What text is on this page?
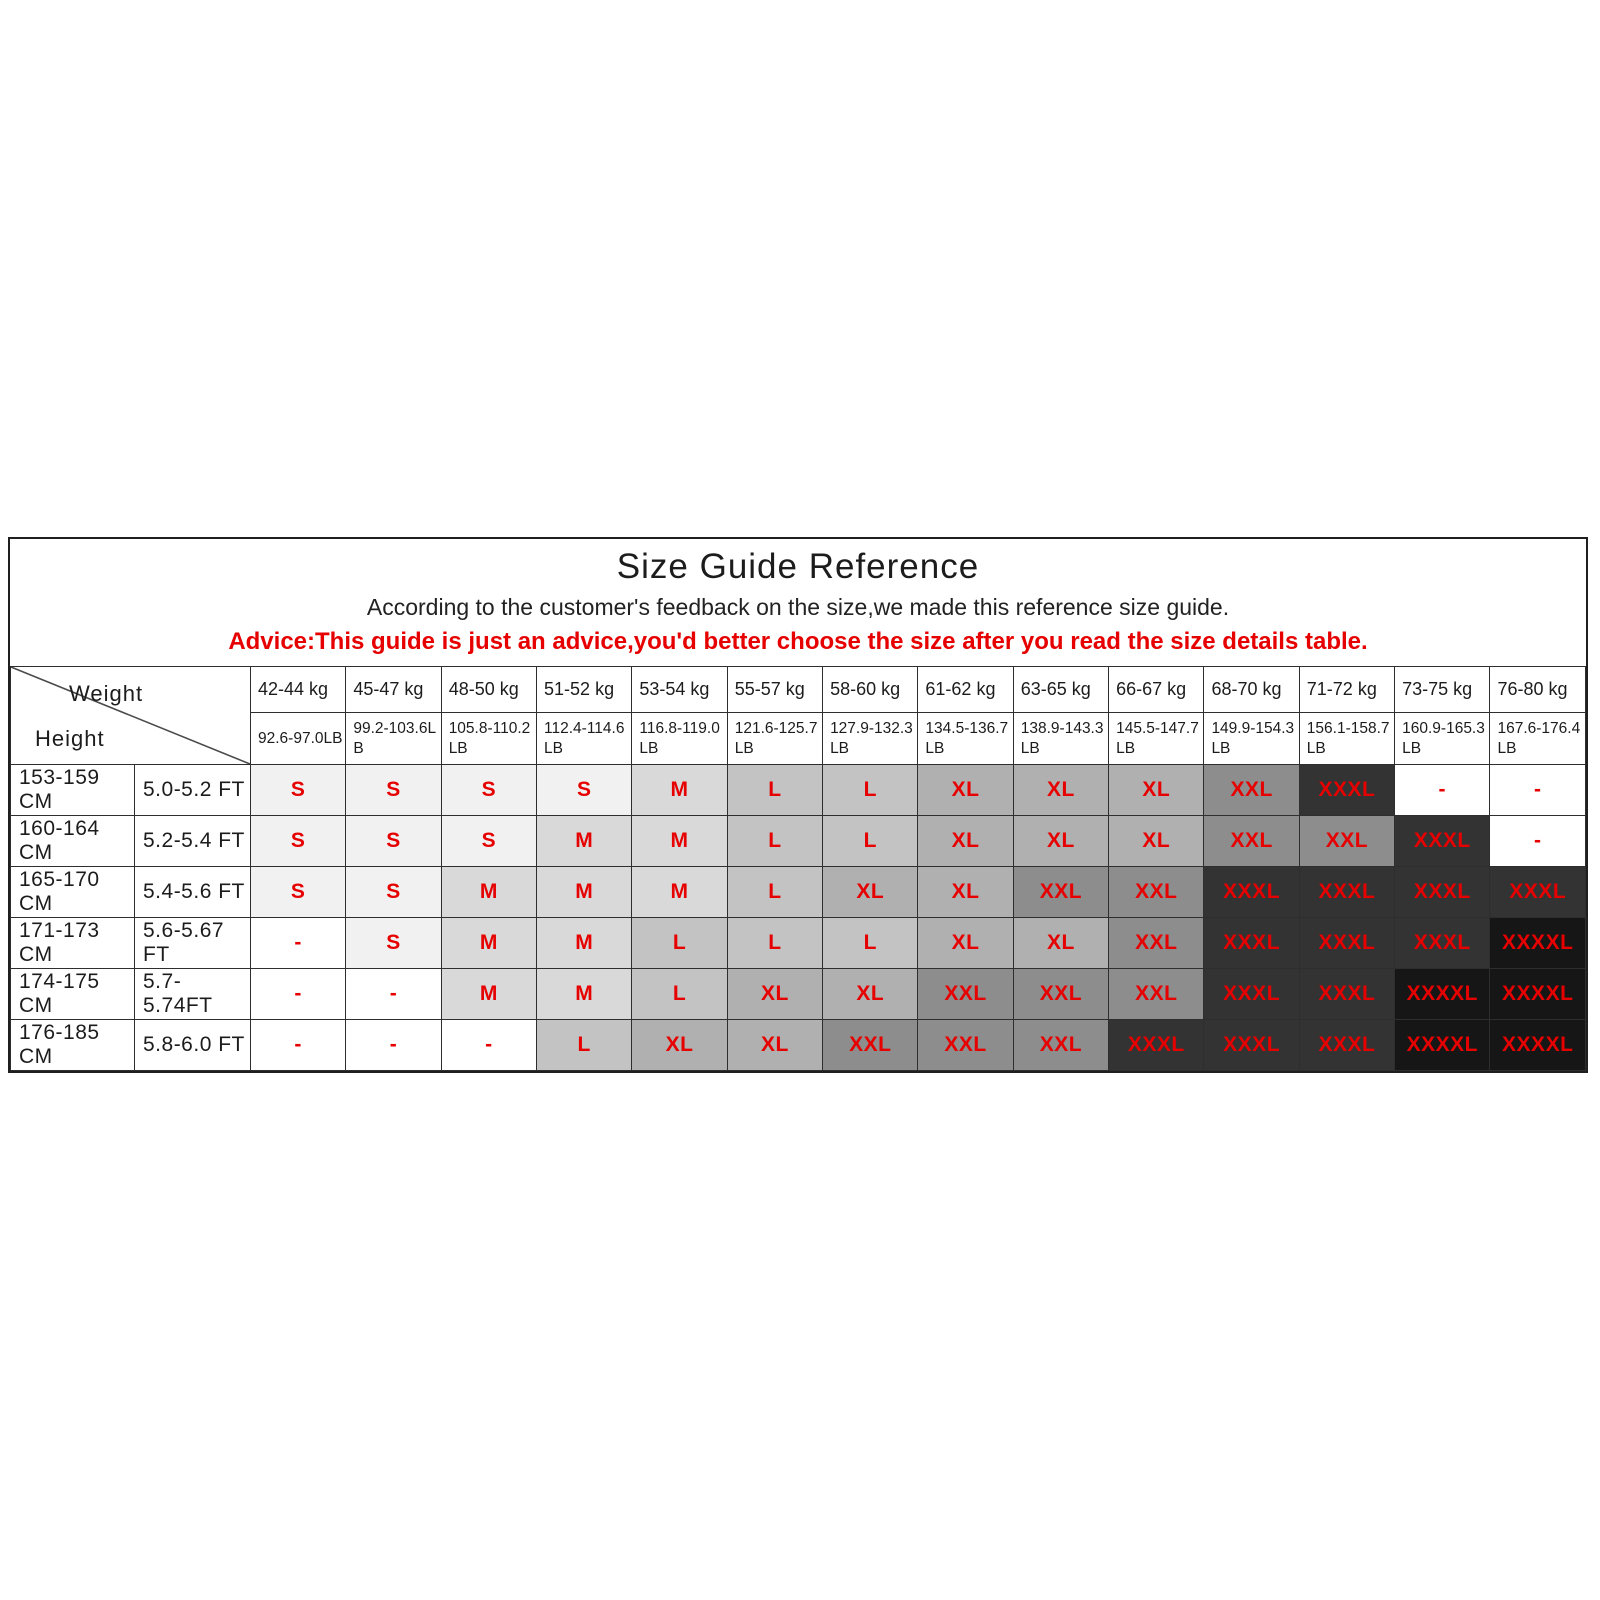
Size Guide Reference
According to the customer's feedback on the size,we made this reference size guide.
Advice:This guide is just an advice,you'd better choose the size after you read the size details table.
Weight
Height		42-44 kg	45-47 kg	48-50 kg	51-52 kg	53-54 kg	55-57 kg	58-60 kg	61-62 kg	63-65 kg	66-67 kg	68-70 kg	71-72 kg	73-75 kg	76-80 kg
		92.6-97.0LB	99.2-103.6LB	105.8-110.2LB	112.4-114.6LB	116.8-119.0LB	121.6-125.7LB	127.9-132.3LB	134.5-136.7LB	138.9-143.3LB	145.5-147.7LB	149.9-154.3LB	156.1-158.7LB	160.9-165.3LB	167.6-176.4LB
153-159 CM	5.0-5.2 FT	S	S	S	S	M	L	L	XL	XL	XL	XXL	XXXL	-	-
160-164 CM	5.2-5.4 FT	S	S	S	M	M	L	L	XL	XL	XL	XXL	XXL	XXXL	-
165-170 CM	5.4-5.6 FT	S	S	M	M	M	L	XL	XL	XXL	XXL	XXXL	XXXL	XXXL	XXXL
171-173 CM	5.6-5.67 FT	-	S	M	M	L	L	L	XL	XL	XXL	XXXL	XXXL	XXXL	XXXXL
174-175 CM	5.7-5.74FT	-	-	M	M	L	XL	XL	XXL	XXL	XXL	XXXL	XXXL	XXXXL	XXXXL
176-185 CM	5.8-6.0 FT	-	-	-	L	XL	XL	XXL	XXL	XXL	XXXL	XXXL	XXXL	XXXXL	XXXXL
